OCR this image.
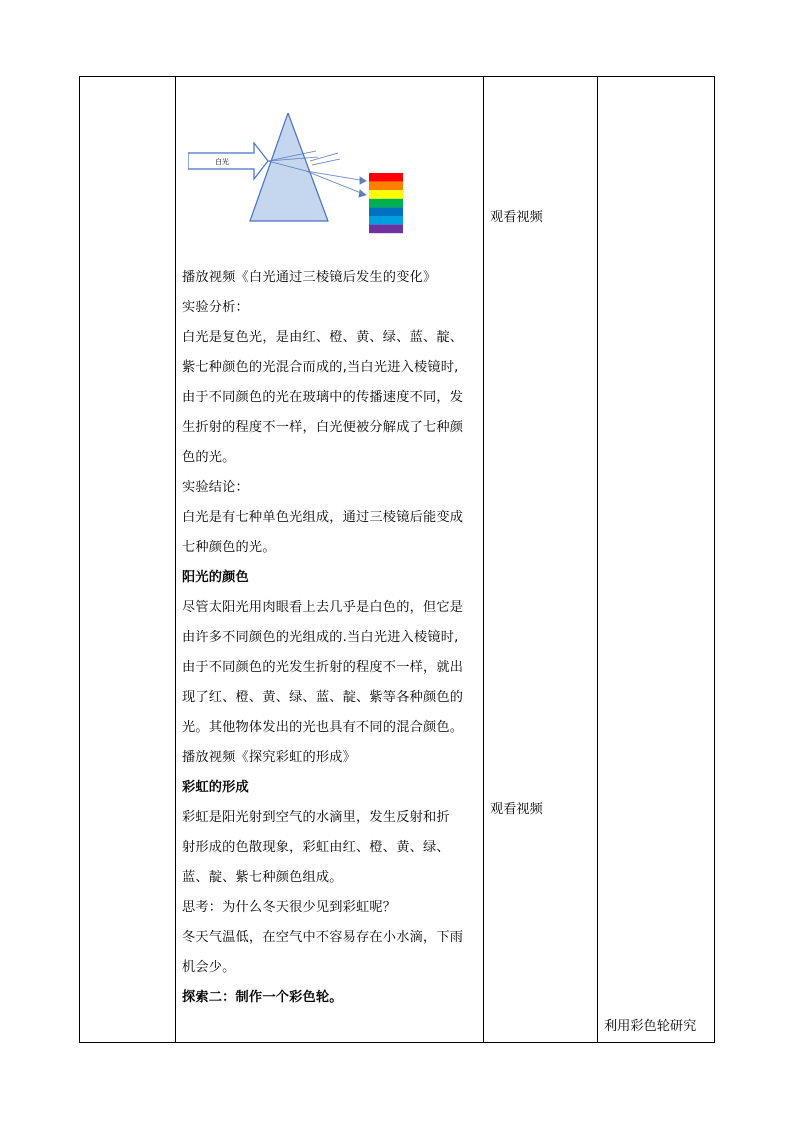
白光

播放视频《白光通过三棱镜后发生的变化》

实验分析：

白光是复色光，是由红、橙、黄、绿、蓝、靛、

紫七种颜色的光混合而成的,当白光进入棱镜时,

由于不同颜色的光在玻璃中的传播速度不同，发

生折射的程度不一样，白光便被分解成了七种颜

色的光。

实验结论：

白光是有七种单色光组成，通过三棱镜后能变成

七种颜色的光。

阳光的颜色

尽管太阳光用肉眼看上去几乎是白色的，但它是

由许多不同颜色的光组成的.当白光进入棱镜时,

由于不同颜色的光发生折射的程度不一样，就出

现了红、橙、黄、绿、蓝、靛、紫等各种颜色的

光。其他物体发出的光也具有不同的混合颜色。

播放视频《探究彩虹的形成》

彩虹的形成

彩虹是阳光射到空气的水滴里，发生反射和折

射形成的色散现象，彩虹由红、橙、黄、绿、

蓝、靛、紫七种颜色组成。

思考：为什么冬天很少见到彩虹呢？

冬天气温低，在空气中不容易存在小水滴，下雨

机会少。

探索二：制作一个彩色轮。

观看视频
观看视频
利用彩色轮研究
